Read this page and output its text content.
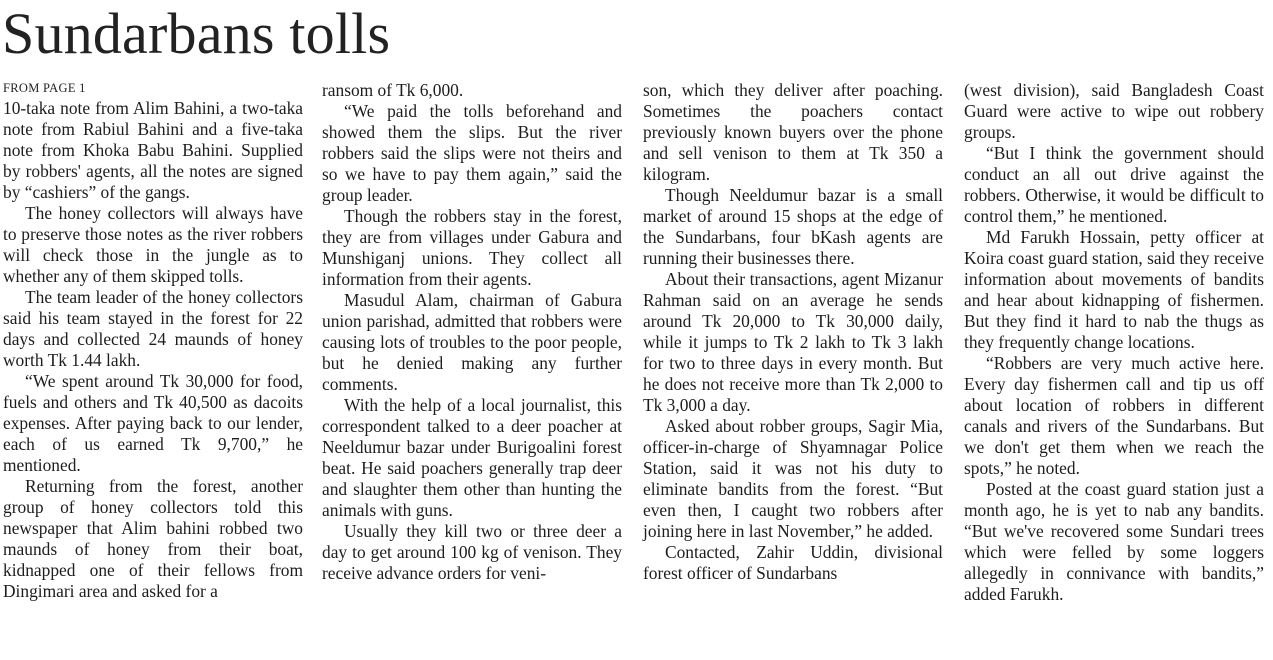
Sundarbans tolls
FROM PAGE 1

10-taka note from Alim Bahini, a two-taka note from Rabiul Bahini and a five-taka note from Khoka Babu Bahini. Supplied by robbers' agents, all the notes are signed by “cashiers” of the gangs.

The honey collectors will always have to preserve those notes as the river robbers will check those in the jungle as to whether any of them skipped tolls.

The team leader of the honey collectors said his team stayed in the forest for 22 days and collected 24 maunds of honey worth Tk 1.44 lakh.

“We spent around Tk 30,000 for food, fuels and others and Tk 40,500 as dacoits expenses. After paying back to our lender, each of us earned Tk 9,700,” he mentioned.

Returning from the forest, another group of honey collectors told this newspaper that Alim bahini robbed two maunds of honey from their boat, kidnapped one of their fellows from Dingimari area and asked for a

ransom of Tk 6,000.

“We paid the tolls beforehand and showed them the slips. But the river robbers said the slips were not theirs and so we have to pay them again,” said the group leader.

Though the robbers stay in the forest, they are from villages under Gabura and Munshiganj unions. They collect all information from their agents.

Masudul Alam, chairman of Gabura union parishad, admitted that robbers were causing lots of troubles to the poor people, but he denied making any further comments.

With the help of a local journalist, this correspondent talked to a deer poacher at Neeldumur bazar under Burigoalini forest beat. He said poachers generally trap deer and slaughter them other than hunting the animals with guns.

Usually they kill two or three deer a day to get around 100 kg of venison. They receive advance orders for veni-

son, which they deliver after poaching. Sometimes the poachers contact previously known buyers over the phone and sell venison to them at Tk 350 a kilogram.

Though Neeldumur bazar is a small market of around 15 shops at the edge of the Sundarbans, four bKash agents are running their businesses there.

About their transactions, agent Mizanur Rahman said on an average he sends around Tk 20,000 to Tk 30,000 daily, while it jumps to Tk 2 lakh to Tk 3 lakh for two to three days in every month. But he does not receive more than Tk 2,000 to Tk 3,000 a day.

Asked about robber groups, Sagir Mia, officer-in-charge of Shyamnagar Police Station, said it was not his duty to eliminate bandits from the forest. “But even then, I caught two robbers after joining here in last November,” he added.

Contacted, Zahir Uddin, divisional forest officer of Sundarbans

(west division), said Bangladesh Coast Guard were active to wipe out robbery groups.

“But I think the government should conduct an all out drive against the robbers. Otherwise, it would be difficult to control them,” he mentioned.

Md Farukh Hossain, petty officer at Koira coast guard station, said they receive information about movements of bandits and hear about kidnapping of fishermen. But they find it hard to nab the thugs as they frequently change locations.

“Robbers are very much active here. Every day fishermen call and tip us off about location of robbers in different canals and rivers of the Sundarbans. But we don't get them when we reach the spots,” he noted.

Posted at the coast guard station just a month ago, he is yet to nab any bandits. “But we've recovered some Sundari trees which were felled by some loggers allegedly in connivance with bandits,” added Farukh.
